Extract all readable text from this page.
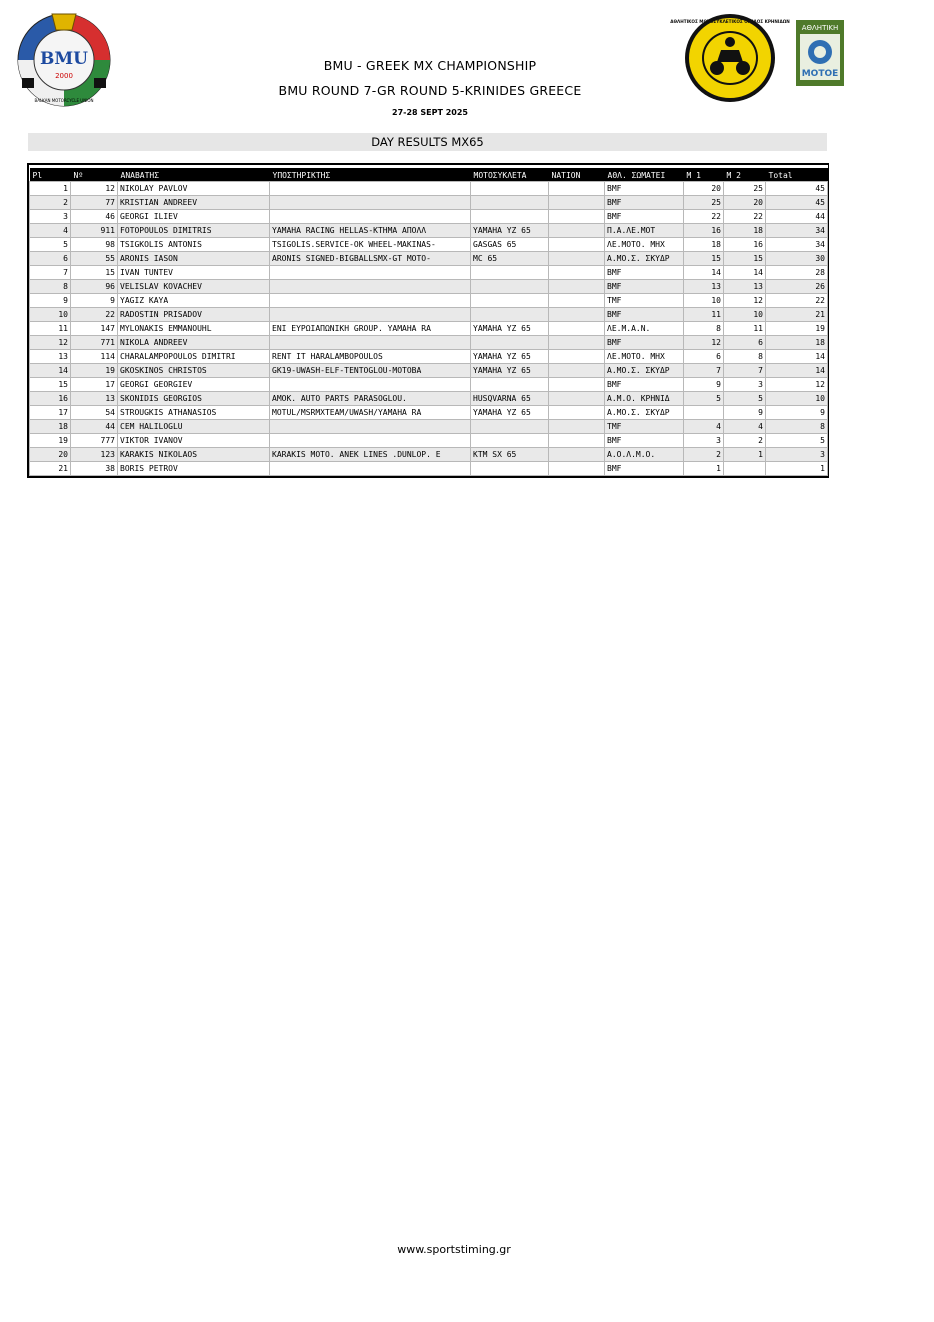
BMU
2000
BALKAN MOTORCYCLE UNION
ΑΘΛΗΤΙΚΟΣ ΜΟΤΟΣΥΚΛΕΤΙΚΟΣ ΟΜΙΛΟΣ ΚΡΗΝΙΔΩΝ
ΑΘΛΗΤΙΚΗ
ΜΟΤΟΕ
BMU - GREEK MX CHAMPIONSHIP
BMU ROUND 7-GR ROUND 5-KRINIDES GREECE
27-28 SEPT 2025
DAY RESULTS MX65
Pl	Nº	ΑΝΑΒΑΤΗΣ	ΥΠΟΣΤΗΡΙΚΤΗΣ	ΜΟΤΟΣΥΚΛΕΤΑ	NATION	ΑΘΛ. ΣΩΜΑΤΕΙ	M 1	M 2	Total
1	12	NIKOLAY PAVLOV				BMF	20	25	45
2	77	KRISTIAN ANDREEV				BMF	25	20	45
3	46	GEORGI ILIEV				BMF	22	22	44
4	911	FOTOPOULOS DIMITRIS	YAMAHA RACING HELLAS-ΚΤΗΜΑ ΑΠΟΛΛ	YAMAHA YZ 65		Π.Α.ΛΕ.ΜΟΤ	16	18	34
5	98	TSIGKOLIS ANTONIS	TSIGOLIS.SERVICE-OK WHEEL-MAKINAS-	GASGAS 65		ΛΕ.ΜΟΤΟ. ΜΗΧ	18	16	34
6	55	ARONIS IASON	ARONIS SIGNED-BIGBALLSMX-GT MOTO-	MC 65		Α.ΜΟ.Σ. ΣΚΥΔΡ	15	15	30
7	15	IVAN TUNTEV				BMF	14	14	28
8	96	VELISLAV KOVACHEV				BMF	13	13	26
9	9	YAGIZ KAYA				TMF	10	12	22
10	22	RADOSTIN PRISADOV				BMF	11	10	21
11	147	MYLONAKIS EMMANOUHL	ΕΝΙ ΕΥΡΩΙΑΠΩΝΙΚΗ GROUP. YAMAHA RA	YAMAHA YZ 65		ΛΕ.Μ.Α.Ν.	8	11	19
12	771	NIKOLA ANDREEV				BMF	12	6	18
13	114	CHARALAMPOPOULOS DIMITRI	RENT IT HARALAMBOPOULOS	YAMAHA YZ 65		ΛΕ.ΜΟΤΟ. ΜΗΧ	6	8	14
14	19	GKOSKINOS CHRISTOS	GK19-UWASH-ELF-TENTOGLOU-MOTOBA	YAMAHA YZ 65		Α.ΜΟ.Σ. ΣΚΥΔΡ	7	7	14
15	17	GEORGI GEORGIEV				BMF	9	3	12
16	13	SKONIDIS GEORGIOS	AMOK. AUTO PARTS PARASOGLOU.	HUSQVARNA 65		Α.Μ.Ο. ΚΡΗΝΙΔ	5	5	10
17	54	STROUGKIS ATHANASIOS	MOTUL/MSRMXTEAM/UWASH/YAMAHA RA	YAMAHA YZ 65		Α.ΜΟ.Σ. ΣΚΥΔΡ		9	9
18	44	CEM HALILOGLU				TMF	4	4	8
19	777	VIKTOR IVANOV				BMF	3	2	5
20	123	KARAKIS NIKOLAOS	KARAKIS MOTO. ANEK LINES .DUNLOP. E	KTM SX 65		Α.Ο.Λ.Μ.Ο.	2	1	3
21	38	BORIS PETROV				BMF	1		1
www.sportstiming.gr
